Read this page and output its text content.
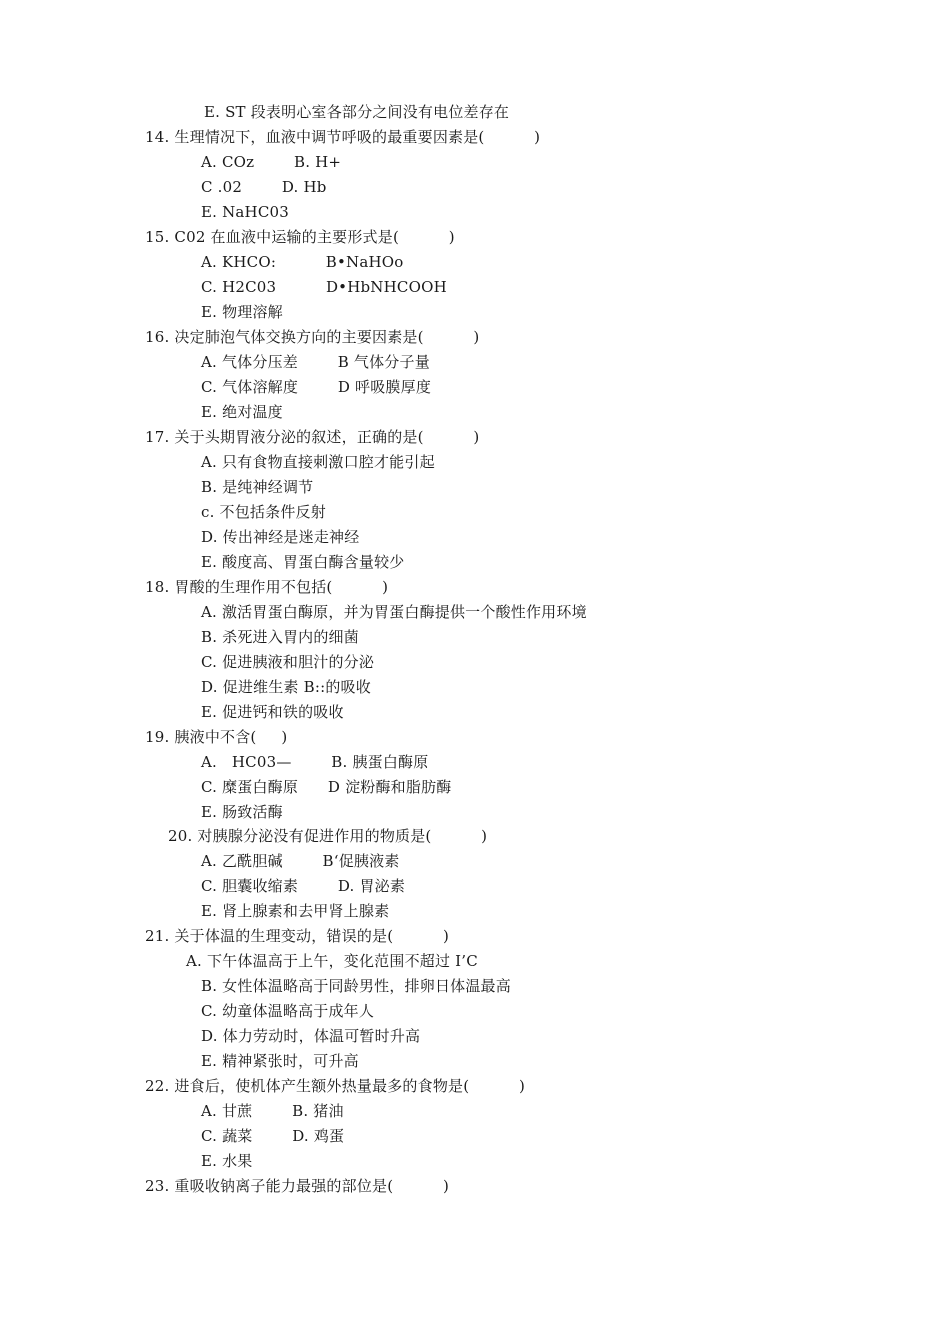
E. ST 段表明心室各部分之间没有电位差存在
14. 生理情况下，血液中调节呼吸的最重要因素是(          )
A. COz        B. H+
C .02        D. Hb
E. NaHC03
15. C02 在血液中运输的主要形式是(          )
A. KHCO:          B•NaHOo
C. H2C03          D•HbNHCOOH
E. 物理溶解
16. 决定肺泡气体交换方向的主要因素是(          )
A. 气体分压差        B 气体分子量
C. 气体溶解度        D 呼吸膜厚度
E. 绝对温度
17. 关于头期胃液分泌的叙述，正确的是(          )
A. 只有食物直接刺激口腔才能引起
B. 是纯神经调节
c. 不包括条件反射
D. 传出神经是迷走神经
E. 酸度高、胃蛋白酶含量较少
18. 胃酸的生理作用不包括(          )
A. 激活胃蛋白酶原，并为胃蛋白酶提供一个酸性作用环境
B. 杀死进入胃内的细菌
C. 促进胰液和胆汁的分泌
D. 促进维生素 B::的吸收
E. 促进钙和铁的吸收
19. 胰液中不含(     )
A.   HC03—        B. 胰蛋白酶原
C. 糜蛋白酶原      D 淀粉酶和脂肪酶
E. 肠致活酶
20. 对胰腺分泌没有促进作用的物质是(          )
A. 乙酰胆碱        B‘促胰液素
C. 胆囊收缩素        D. 胃泌素
E. 肾上腺素和去甲肾上腺素
21. 关于体温的生理变动，错误的是(          )
A. 下午体温高于上午，变化范围不超过 I’C
B. 女性体温略高于同龄男性，排卵日体温最高
C. 幼童体温略高于成年人
D. 体力劳动时，体温可暂时升高
E. 精神紧张时，可升高
22. 进食后，使机体产生额外热量最多的食物是(          )
A. 甘蔗        B. 猪油
C. 蔬菜        D. 鸡蛋
E. 水果
23. 重吸收钠离子能力最强的部位是(          )
